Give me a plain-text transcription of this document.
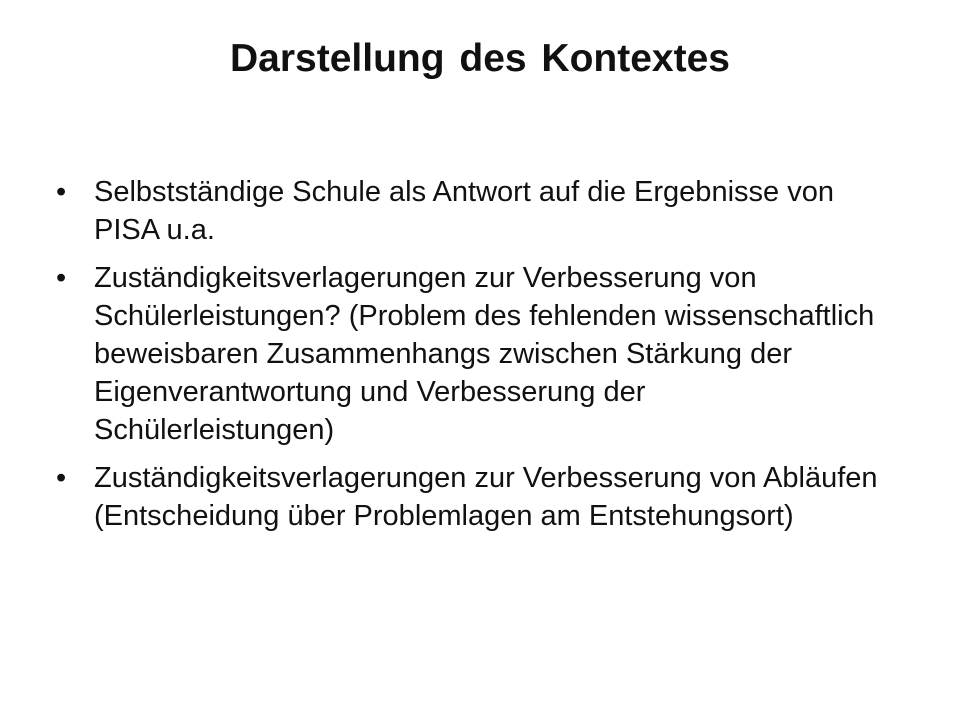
Darstellung des Kontextes
• Selbstständige Schule als Antwort auf die Ergebnisse von PISA u.a.
• Zuständigkeitsverlagerungen zur Verbesserung von Schülerleistungen? (Problem des fehlenden wissenschaftlich beweisbaren Zusammenhangs zwischen Stärkung der Eigenverantwortung und Verbesserung der Schülerleistungen)
• Zuständigkeitsverlagerungen zur Verbesserung von Abläufen (Entscheidung über Problemlagen am Entstehungsort)
